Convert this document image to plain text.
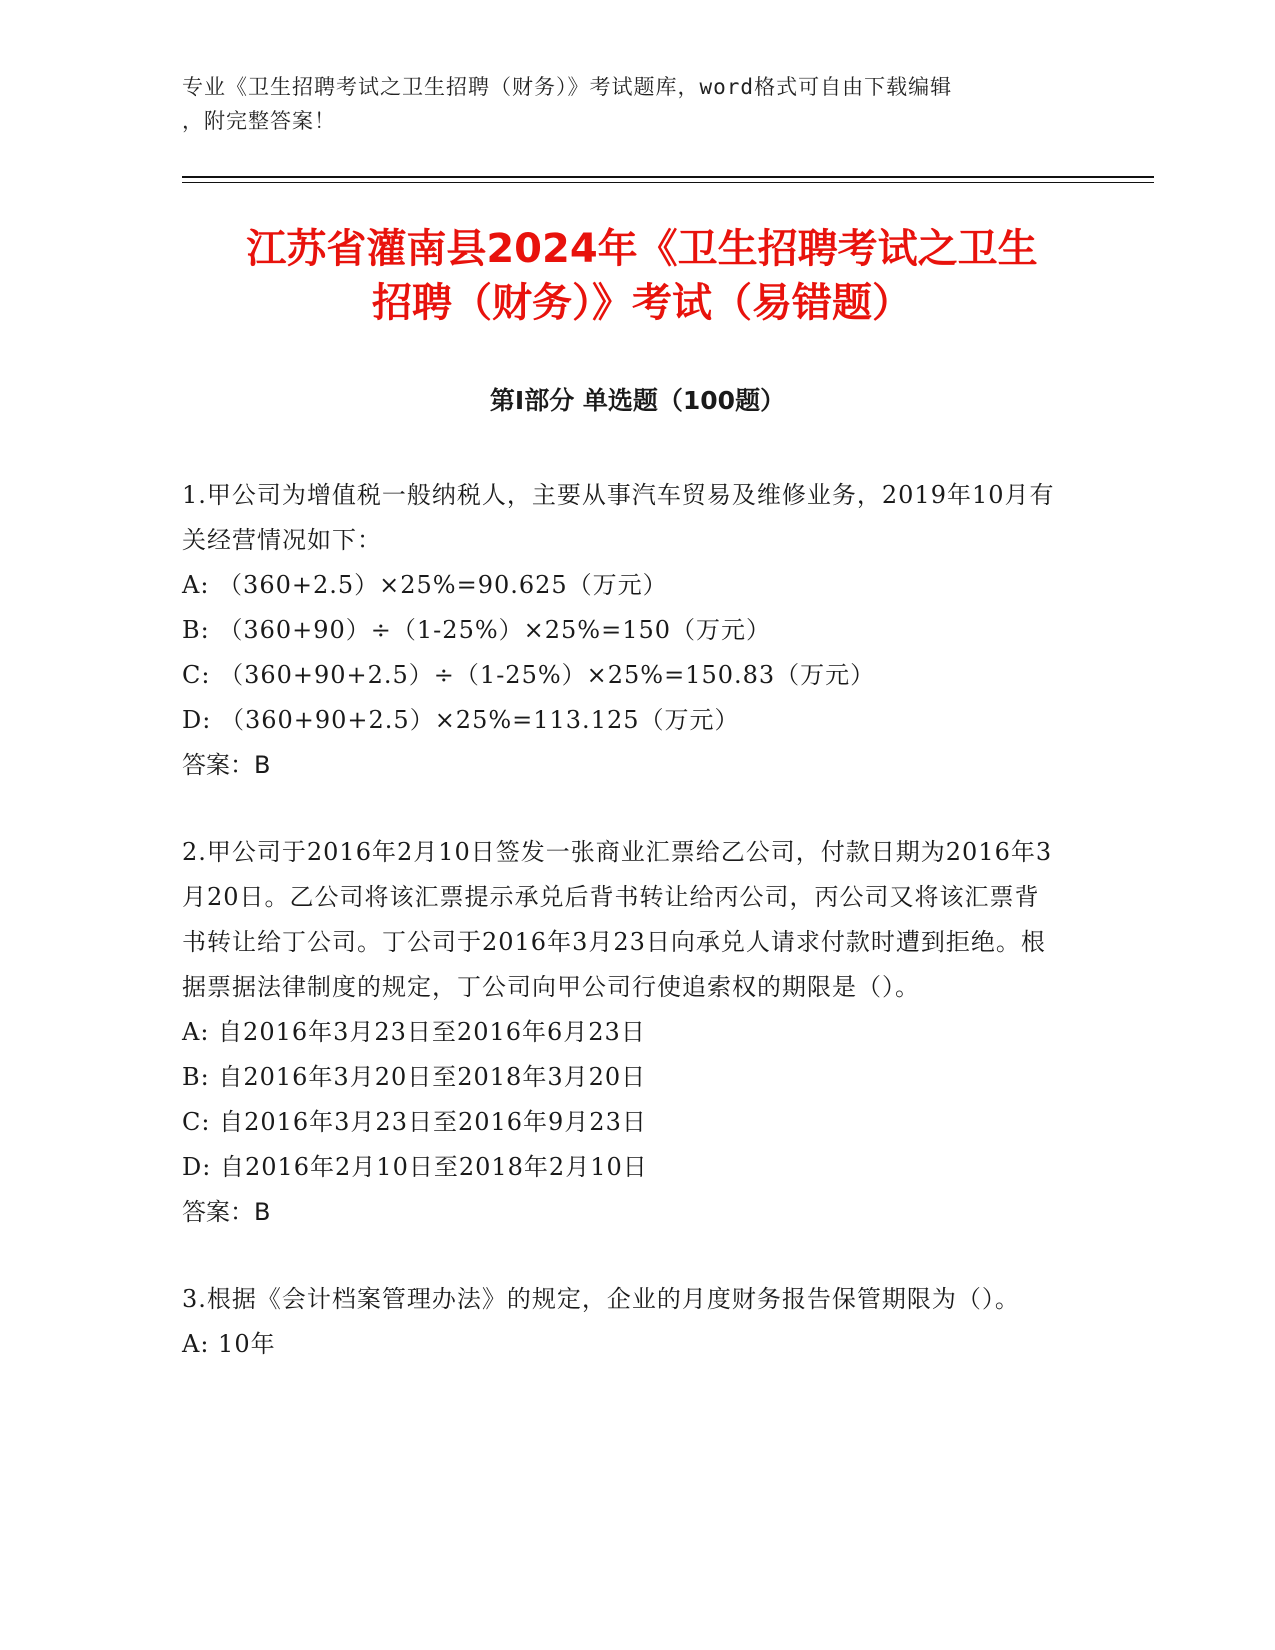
专业《卫生招聘考试之卫生招聘（财务）》考试题库，word格式可自由下载编辑
，附完整答案！
江苏省灌南县2024年《卫生招聘考试之卫生
招聘（财务）》考试（易错题）
第I部分 单选题（100题）

1.甲公司为增值税一般纳税人，主要从事汽车贸易及维修业务，2019年10月有关经营情况如下：

A: （360+2.5）×25%=90.625（万元）

B: （360+90）÷（1-25%）×25%=150（万元）

C: （360+90+2.5）÷（1-25%）×25%=150.83（万元）

D: （360+90+2.5）×25%=113.125（万元）

答案：B

2.甲公司于2016年2月10日签发一张商业汇票给乙公司，付款日期为2016年3月20日。乙公司将该汇票提示承兑后背书转让给丙公司，丙公司又将该汇票背书转让给丁公司。丁公司于2016年3月23日向承兑人请求付款时遭到拒绝。根据票据法律制度的规定，丁公司向甲公司行使追索权的期限是（）。

A: 自2016年3月23日至2016年6月23日

B: 自2016年3月20日至2018年3月20日

C: 自2016年3月23日至2016年9月23日

D: 自2016年2月10日至2018年2月10日

答案：B

3.根据《会计档案管理办法》的规定，企业的月度财务报告保管期限为（）。

A: 10年
